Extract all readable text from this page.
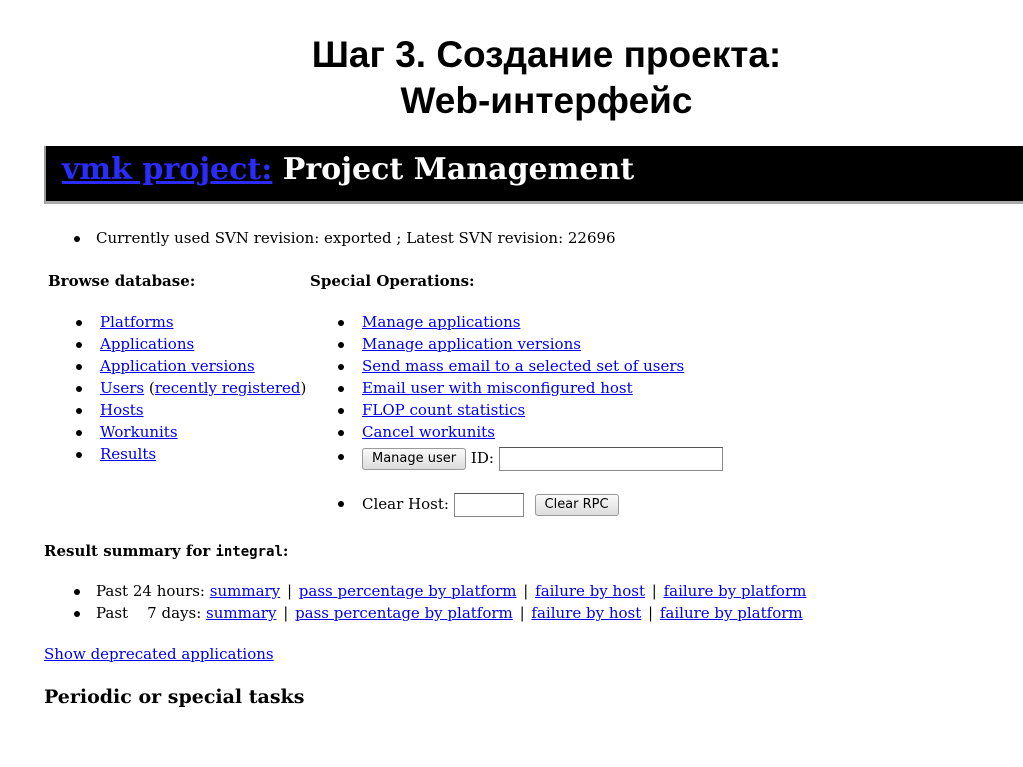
Шаг 3. Создание проекта:
Web-интерфейс
vmk project: Project Management
Currently used SVN revision: exported ; Latest SVN revision: 22696
Browse database:
Platforms
Applications
Application versions
Users (recently registered)
Hosts
Workunits
Results
Special Operations:
Manage applications
Manage application versions
Send mass email to a selected set of users
Email user with misconfigured host
FLOP count statistics
Cancel workunits
Manage user ID:
Clear Host:	Clear RPC
Result summary for integral:
Past 24 hours: summary | pass percentage by platform | failure by host | failure by platform
Past    7 days: summary | pass percentage by platform | failure by host | failure by platform
Show deprecated applications
Periodic or special tasks
